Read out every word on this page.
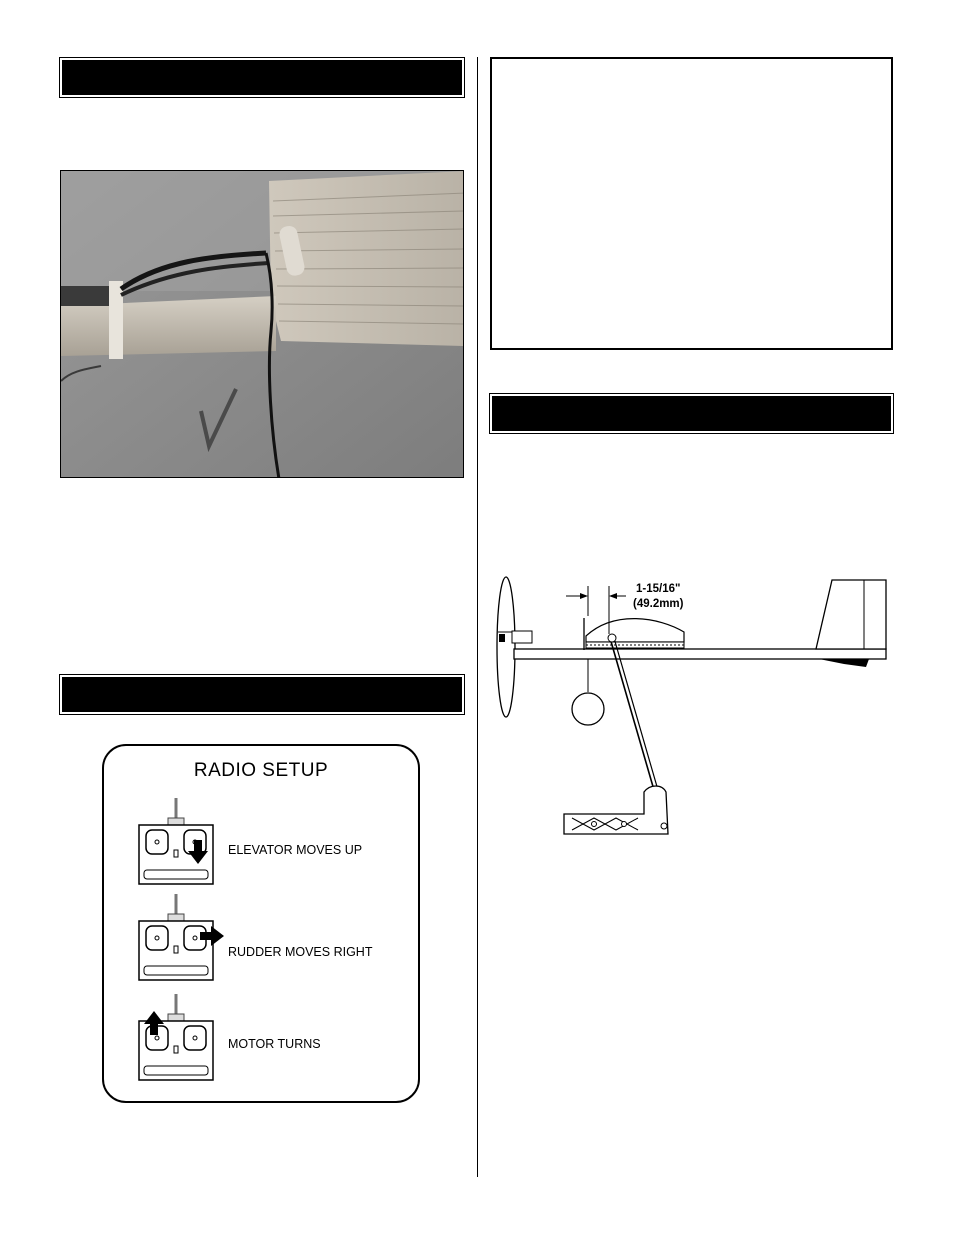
RADIO SETUP
ELEVATOR MOVES UP
RUDDER MOVES RIGHT
MOTOR TURNS
1-15/16"
(49.2mm)
